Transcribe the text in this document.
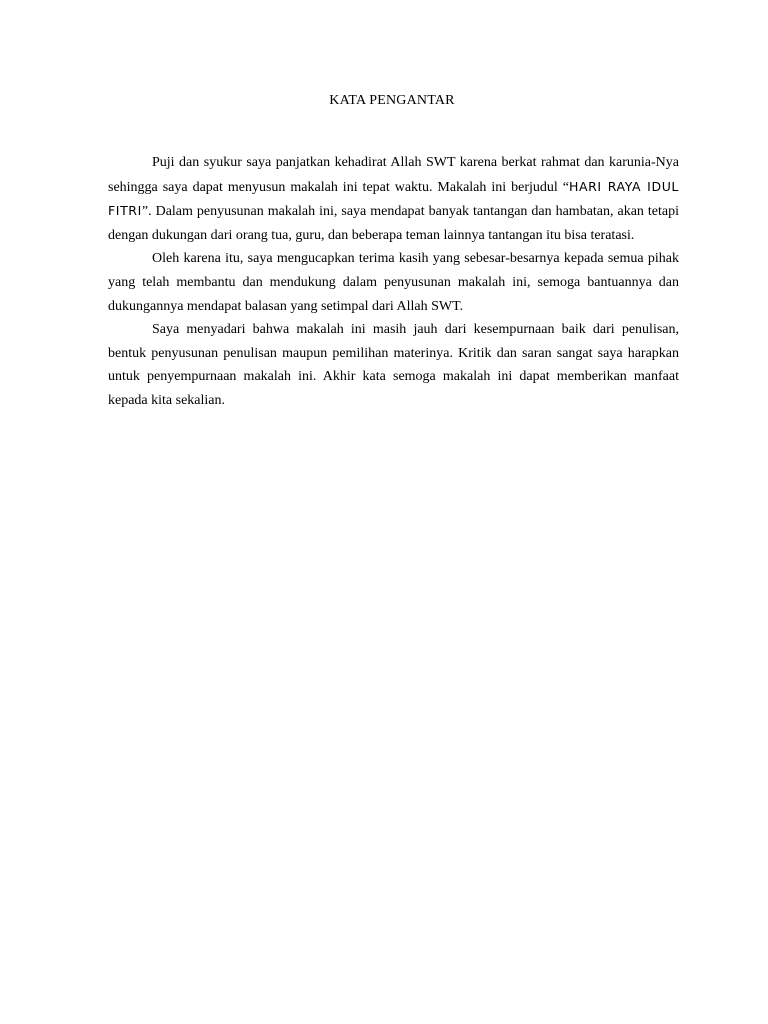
KATA PENGANTAR

Puji dan syukur saya panjatkan kehadirat Allah SWT karena berkat rahmat dan karunia-Nya sehingga saya dapat menyusun makalah ini tepat waktu. Makalah ini berjudul “HARI RAYA IDUL FITRI”. Dalam penyusunan makalah ini, saya mendapat banyak tantangan dan hambatan, akan tetapi dengan dukungan dari orang tua, guru, dan beberapa teman lainnya tantangan itu bisa teratasi.

Oleh karena itu, saya mengucapkan terima kasih yang sebesar-besarnya kepada semua pihak yang telah membantu dan mendukung dalam penyusunan makalah ini, semoga bantuannya dan dukungannya mendapat balasan yang setimpal dari Allah SWT.

Saya menyadari bahwa makalah ini masih jauh dari kesempurnaan baik dari penulisan, bentuk penyusunan penulisan maupun pemilihan materinya. Kritik dan saran sangat saya harapkan untuk penyempurnaan makalah ini. Akhir kata semoga makalah ini dapat memberikan manfaat kepada kita sekalian.
